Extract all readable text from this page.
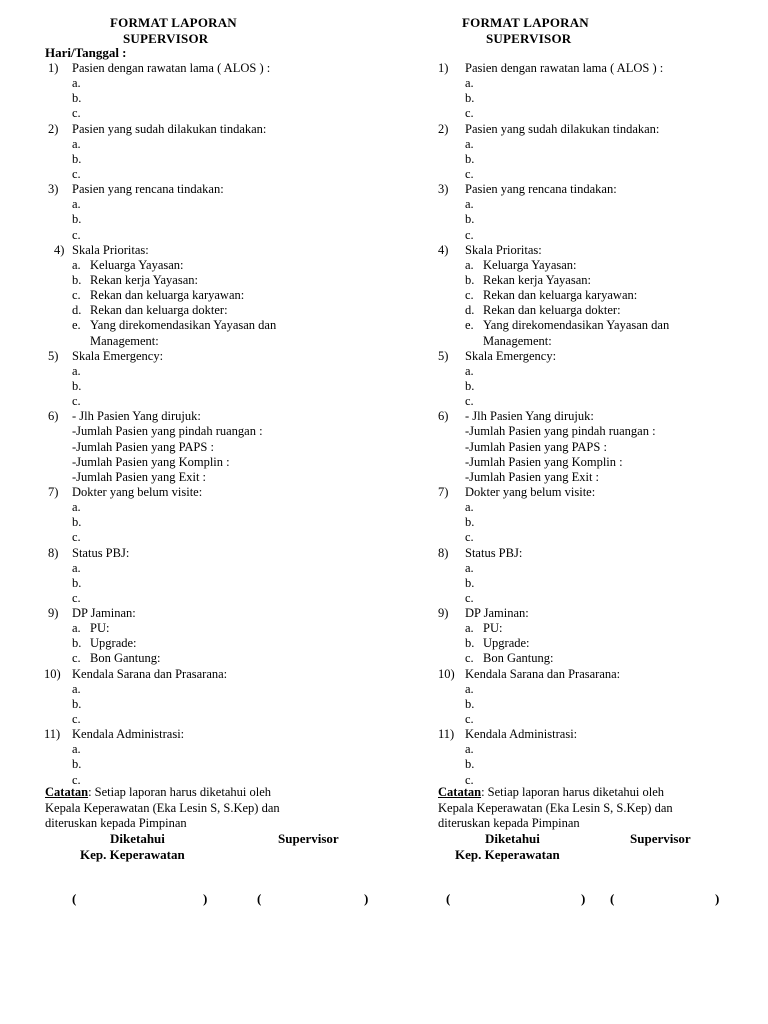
FORMAT LAPORAN
SUPERVISOR
Hari/Tanggal :
1) Pasien dengan rawatan lama ( ALOS ) :
a.
b.
c.
2) Pasien yang sudah dilakukan tindakan:
a.
b.
c.
3) Pasien yang rencana tindakan:
a.
b.
c.
4) Skala Prioritas:
a. Keluarga Yayasan:
b. Rekan kerja Yayasan:
c. Rekan dan keluarga karyawan:
d. Rekan dan keluarga dokter:
e. Yang direkomendasikan Yayasan dan
Management:
5) Skala Emergency:
a.
b.
c.
6) - Jlh Pasien Yang dirujuk:
-Jumlah Pasien yang pindah ruangan :
-Jumlah Pasien yang PAPS :
-Jumlah Pasien yang Komplin :
-Jumlah Pasien yang Exit :
7) Dokter yang belum visite:
a.
b.
c.
8) Status PBJ:
a.
b.
c.
9) DP Jaminan:
a. PU:
b. Upgrade:
c. Bon Gantung:
10) Kendala Sarana dan Prasarana:
a.
b.
c.
11) Kendala Administrasi:
a.
b.
c.
Catatan: Setiap laporan harus diketahui oleh
Kepala Keperawatan (Eka Lesin S, S.Kep) dan
diteruskan kepada Pimpinan
Diketahui
Kep. Keperawatan
Supervisor
(	)	(	)
FORMAT LAPORAN
SUPERVISOR
1) Pasien dengan rawatan lama ( ALOS ) :
a.
b.
c.
2) Pasien yang sudah dilakukan tindakan:
a.
b.
c.
3) Pasien yang rencana tindakan:
a.
b.
c.
4) Skala Prioritas:
a. Keluarga Yayasan:
b. Rekan kerja Yayasan:
c. Rekan dan keluarga karyawan:
d. Rekan dan keluarga dokter:
e. Yang direkomendasikan Yayasan dan
Management:
5) Skala Emergency:
a.
b.
c.
6) - Jlh Pasien Yang dirujuk:
-Jumlah Pasien yang pindah ruangan :
-Jumlah Pasien yang PAPS :
-Jumlah Pasien yang Komplin :
-Jumlah Pasien yang Exit :
7) Dokter yang belum visite:
a.
b.
c.
8) Status PBJ:
a.
b.
c.
9) DP Jaminan:
a. PU:
b. Upgrade:
c. Bon Gantung:
10) Kendala Sarana dan Prasarana:
a.
b.
c.
11) Kendala Administrasi:
a.
b.
c.
Catatan: Setiap laporan harus diketahui oleh
Kepala Keperawatan (Eka Lesin S, S.Kep) dan
diteruskan kepada Pimpinan
Diketahui
Kep. Keperawatan
Supervisor
(	) (	)
